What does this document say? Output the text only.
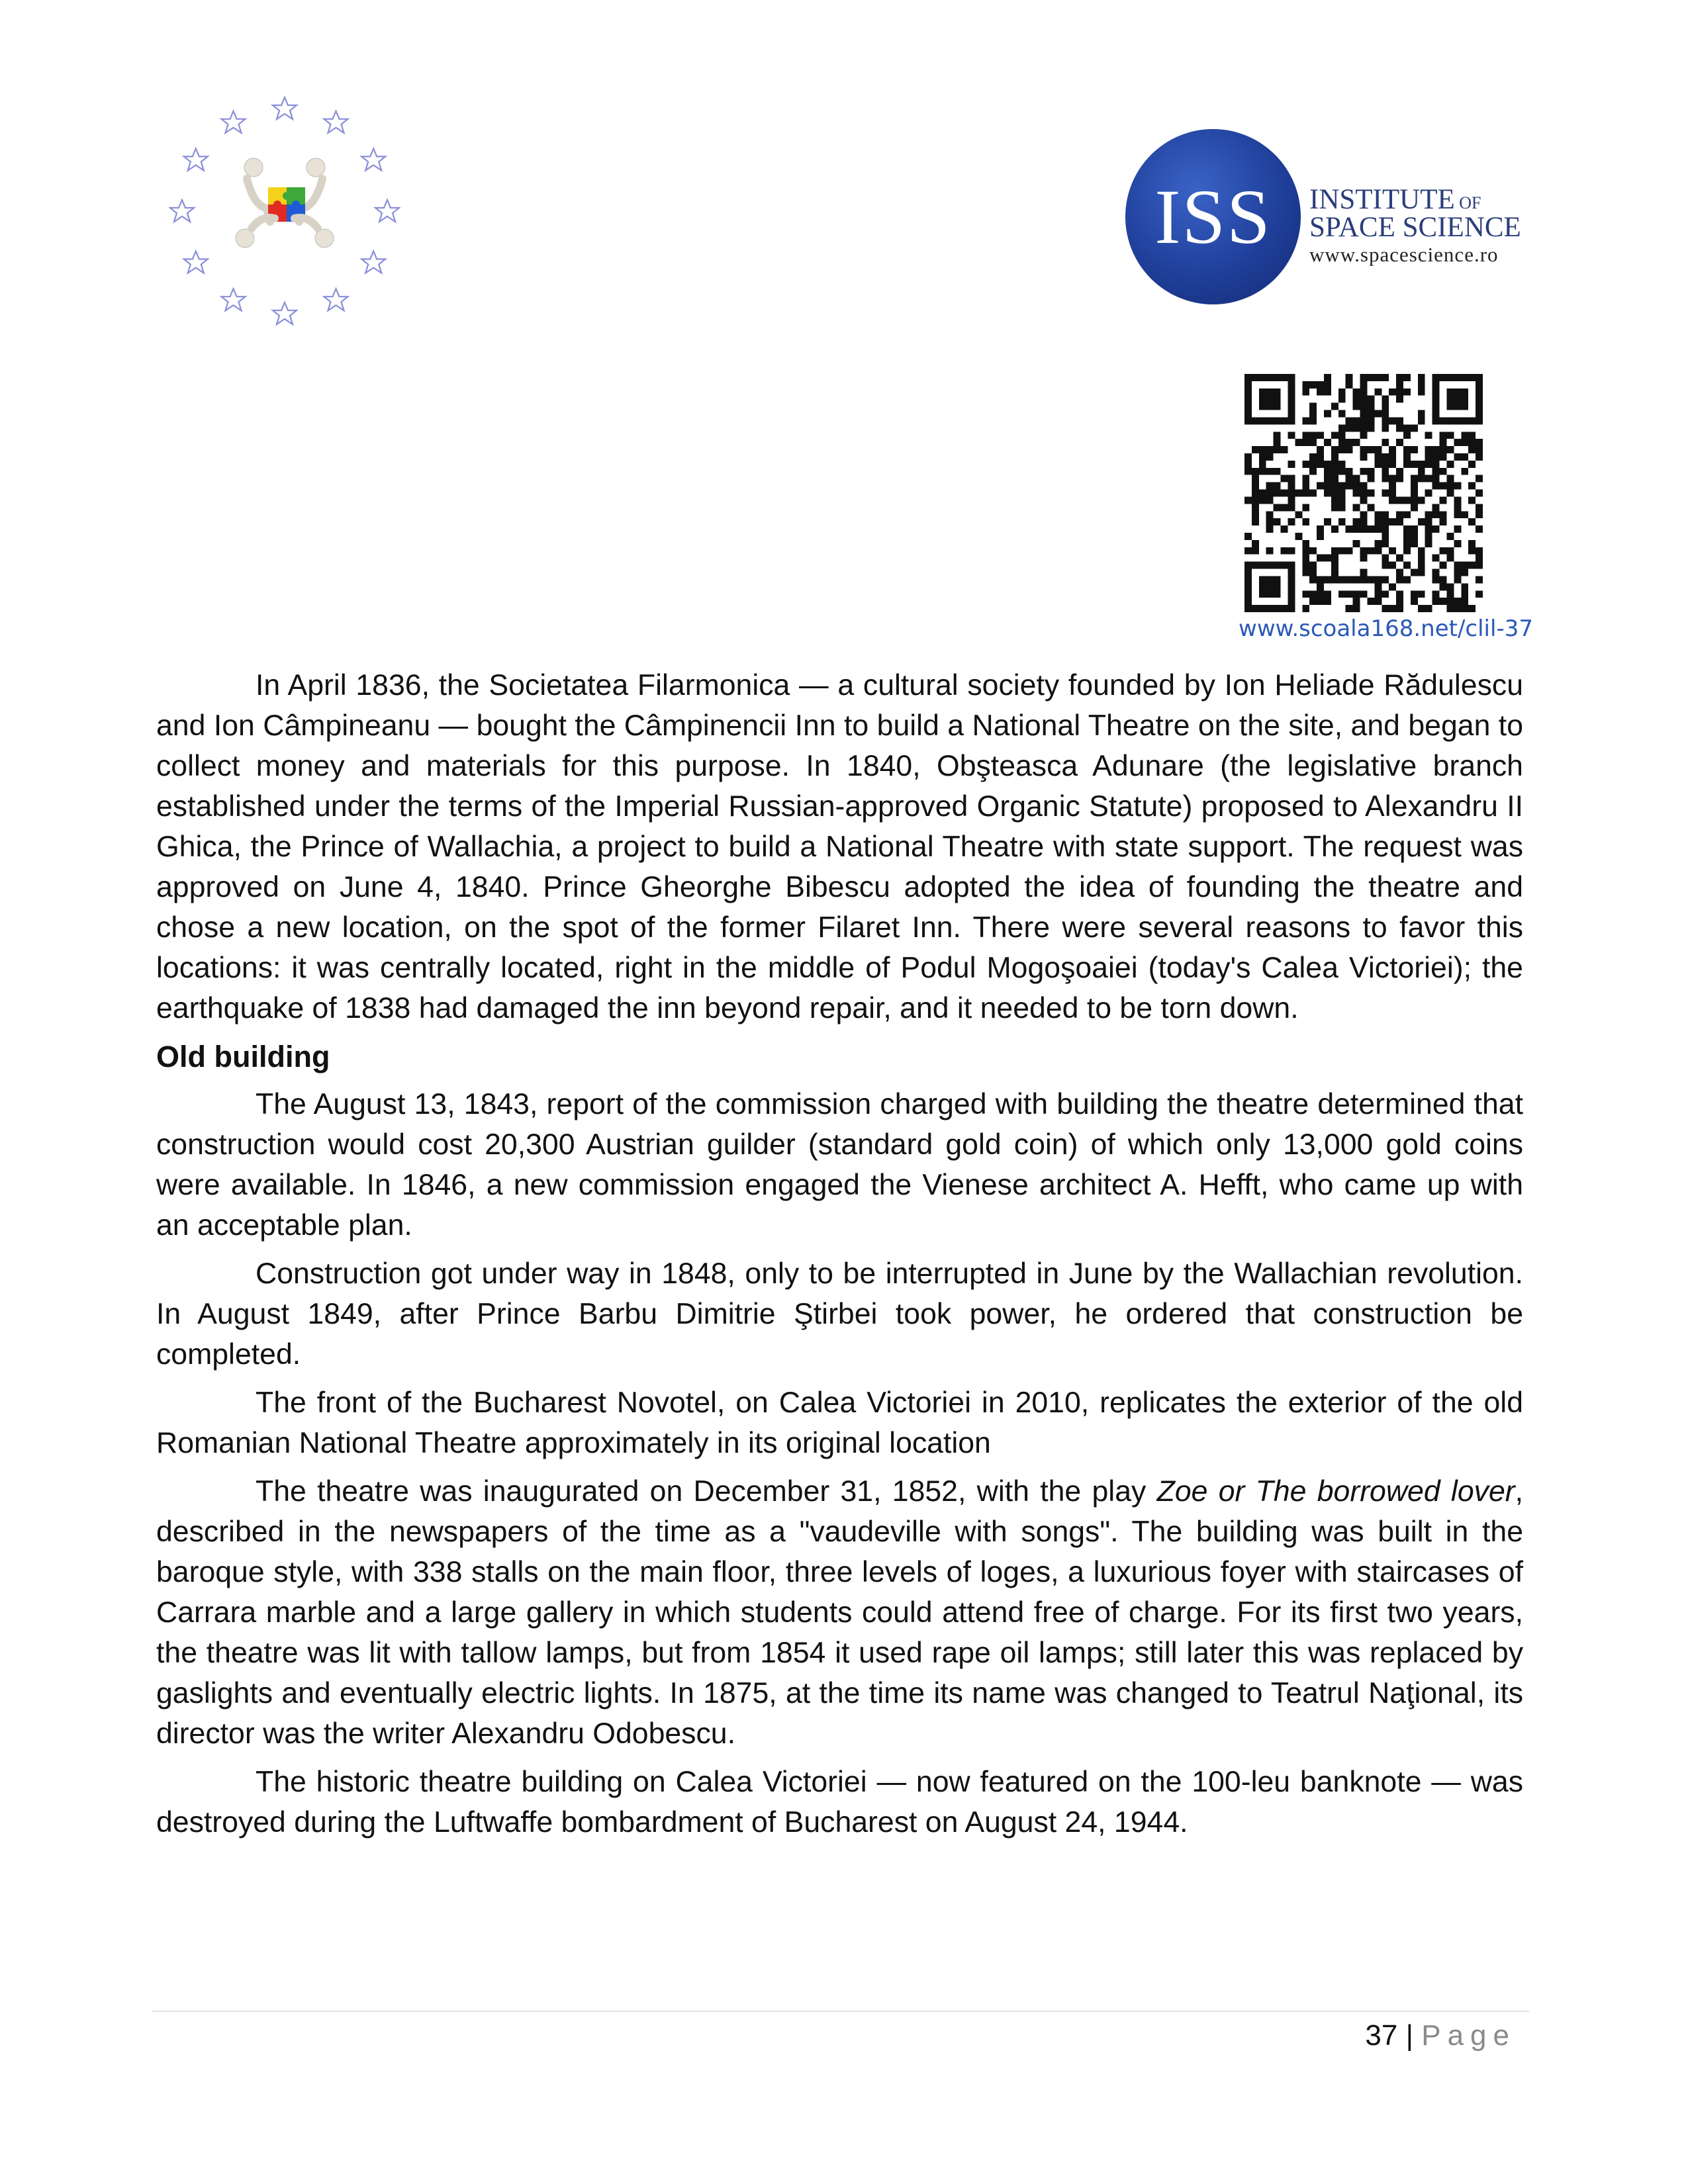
ISS	INSTITUTE OF
SPACE SCIENCE
www.spacescience.ro
www.scoala168.net/clil-37

In April 1836, the Societatea Filarmonica — a cultural society founded by Ion Heliade Rădulescu and Ion Câmpineanu — bought the Câmpinencii Inn to build a National Theatre on the site, and began to collect money and materials for this purpose. In 1840, Obşteasca Adunare (the legislative branch established under the terms of the Imperial Russian-approved Organic Statute) proposed to Alexandru II Ghica, the Prince of Wallachia, a project to build a National Theatre with state support. The request was approved on June 4, 1840. Prince Gheorghe Bibescu adopted the idea of founding the theatre and chose a new location, on the spot of the former Filaret Inn. There were several reasons to favor this locations: it was centrally located, right in the middle of Podul Mogoşoaiei (today's Calea Victoriei); the earthquake of 1838 had damaged the inn beyond repair, and it needed to be torn down.

Old building

The August 13, 1843, report of the commission charged with building the theatre determined that construction would cost 20,300 Austrian guilder (standard gold coin) of which only 13,000 gold coins were available. In 1846, a new commission engaged the Vienese architect A. Hefft, who came up with an acceptable plan.

Construction got under way in 1848, only to be interrupted in June by the Wallachian revolution. In August 1849, after Prince Barbu Dimitrie Ştirbei took power, he ordered that construction be completed.

The front of the Bucharest Novotel, on Calea Victoriei in 2010, replicates the exterior of the old Romanian National Theatre approximately in its original location

The theatre was inaugurated on December 31, 1852, with the play Zoe or The borrowed lover, described in the newspapers of the time as a "vaudeville with songs". The building was built in the baroque style, with 338 stalls on the main floor, three levels of loges, a luxurious foyer with staircases of Carrara marble and a large gallery in which students could attend free of charge. For its first two years, the theatre was lit with tallow lamps, but from 1854 it used rape oil lamps; still later this was replaced by gaslights and eventually electric lights. In 1875, at the time its name was changed to Teatrul Naţional, its director was the writer Alexandru Odobescu.

The historic theatre building on Calea Victoriei — now featured on the 100-leu banknote — was destroyed during the Luftwaffe bombardment of Bucharest on August 24, 1944.

37 | Page
